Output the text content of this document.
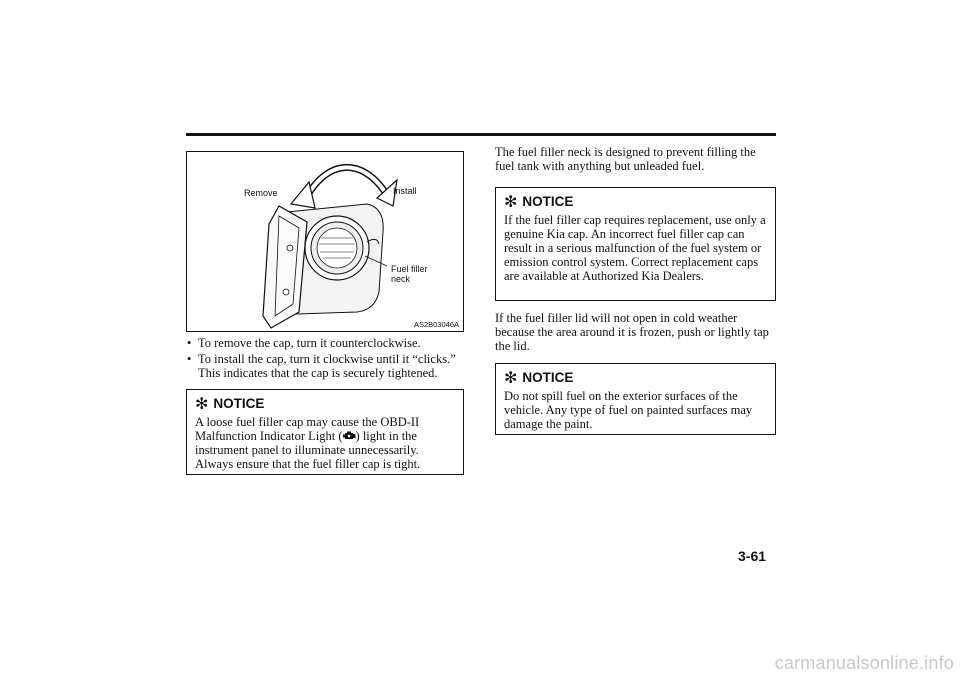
Remove	Install
Fuel filler
neck
AS2B03046A
• To remove the cap, turn it counterclockwise.
• To install the cap, turn it clockwise until it “clicks.” This indicates that the cap is securely tightened.
✻ NOTICE
A loose fuel filler cap may cause the OBD-II Malfunction Indicator Light ( ) light in the instrument panel to illuminate unnecessarily. Always ensure that the fuel filler cap is tight.

The fuel filler neck is designed to prevent filling the fuel tank with anything but unleaded fuel.

✻ NOTICE
If the fuel filler cap requires replacement, use only a genuine Kia cap. An incorrect fuel filler cap can result in a serious malfunction of the fuel system or emission control system. Correct replacement caps are available at Authorized Kia Dealers.

If the fuel filler lid will not open in cold weather because the area around it is frozen, push or lightly tap the lid.

✻ NOTICE
Do not spill fuel on the exterior surfaces of the vehicle. Any type of fuel on painted surfaces may damage the paint.
3-61
carmanualsonline.info
